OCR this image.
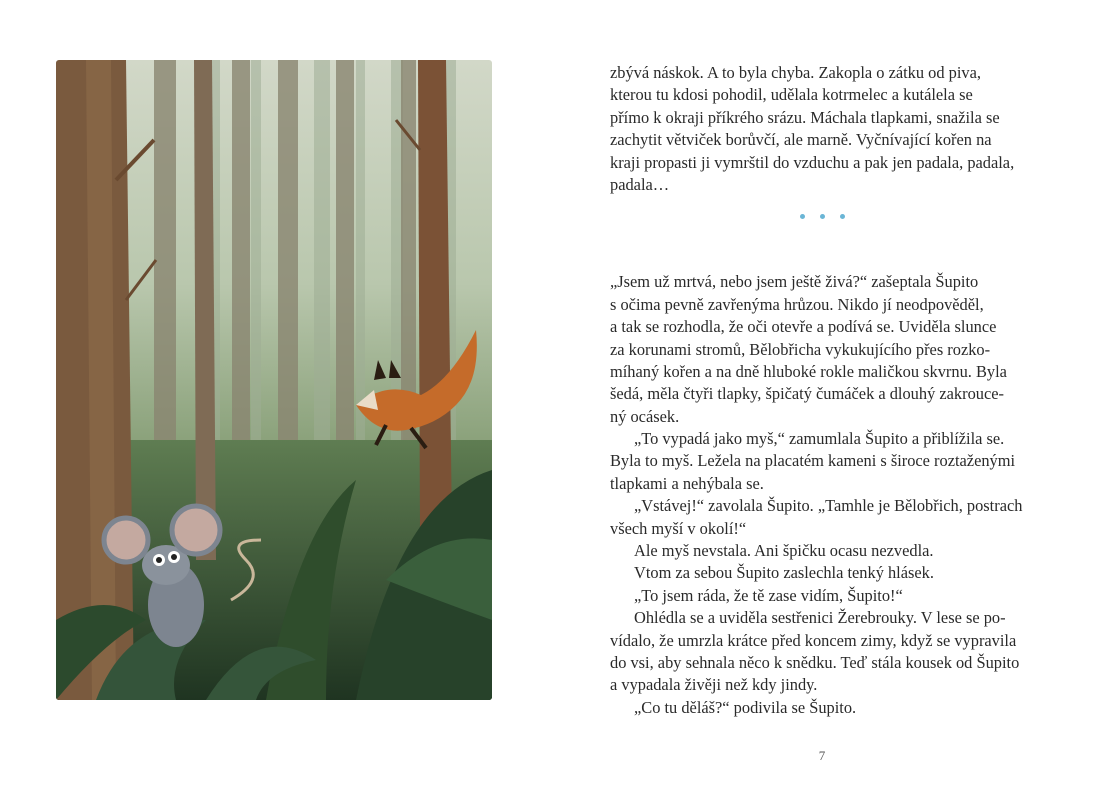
zbývá náskok. A to byla chyba. Zakopla o zátku od piva,
kterou tu kdosi pohodil, udělala kotrmelec a kutálela se
přímo k okraji příkrého srázu. Máchala tlapkami, snažila se
zachytit větviček borůvčí, ale marně. Vyčnívající kořen na
kraji propasti ji vymrštil do vzduchu a pak jen padala, padala,
padala…
„Jsem už mrtvá, nebo jsem ještě živá?“ zašeptala Šupito
s očima pevně zavřenýma hrůzou. Nikdo jí neodpověděl,
a tak se rozhodla, že oči otevře a podívá se. Uviděla slunce
za korunami stromů, Bělobřicha vykukujícího přes rozko-
míhaný kořen a na dně hluboké rokle maličkou skvrnu. Byla
šedá, měla čtyři tlapky, špičatý čumáček a dlouhý zakrouce-
ný ocásek.
„To vypadá jako myš,“ zamumlala Šupito a přiblížila se.
Byla to myš. Ležela na placatém kameni s široce roztaženými
tlapkami a nehýbala se.
„Vstávej!“ zavolala Šupito. „Tamhle je Bělobřich, postrach
všech myší v okolí!“
Ale myš nevstala. Ani špičku ocasu nezvedla.
Vtom za sebou Šupito zaslechla tenký hlásek.
„To jsem ráda, že tě zase vidím, Šupito!“
Ohlédla se a uviděla sestřenici Žerebrouky. V lese se po-
vídalo, že umrzla krátce před koncem zimy, když se vypravila
do vsi, aby sehnala něco k snědku. Teď stála kousek od Šupito
a vypadala živěji než kdy jindy.
„Co tu děláš?“ podivila se Šupito.
7
